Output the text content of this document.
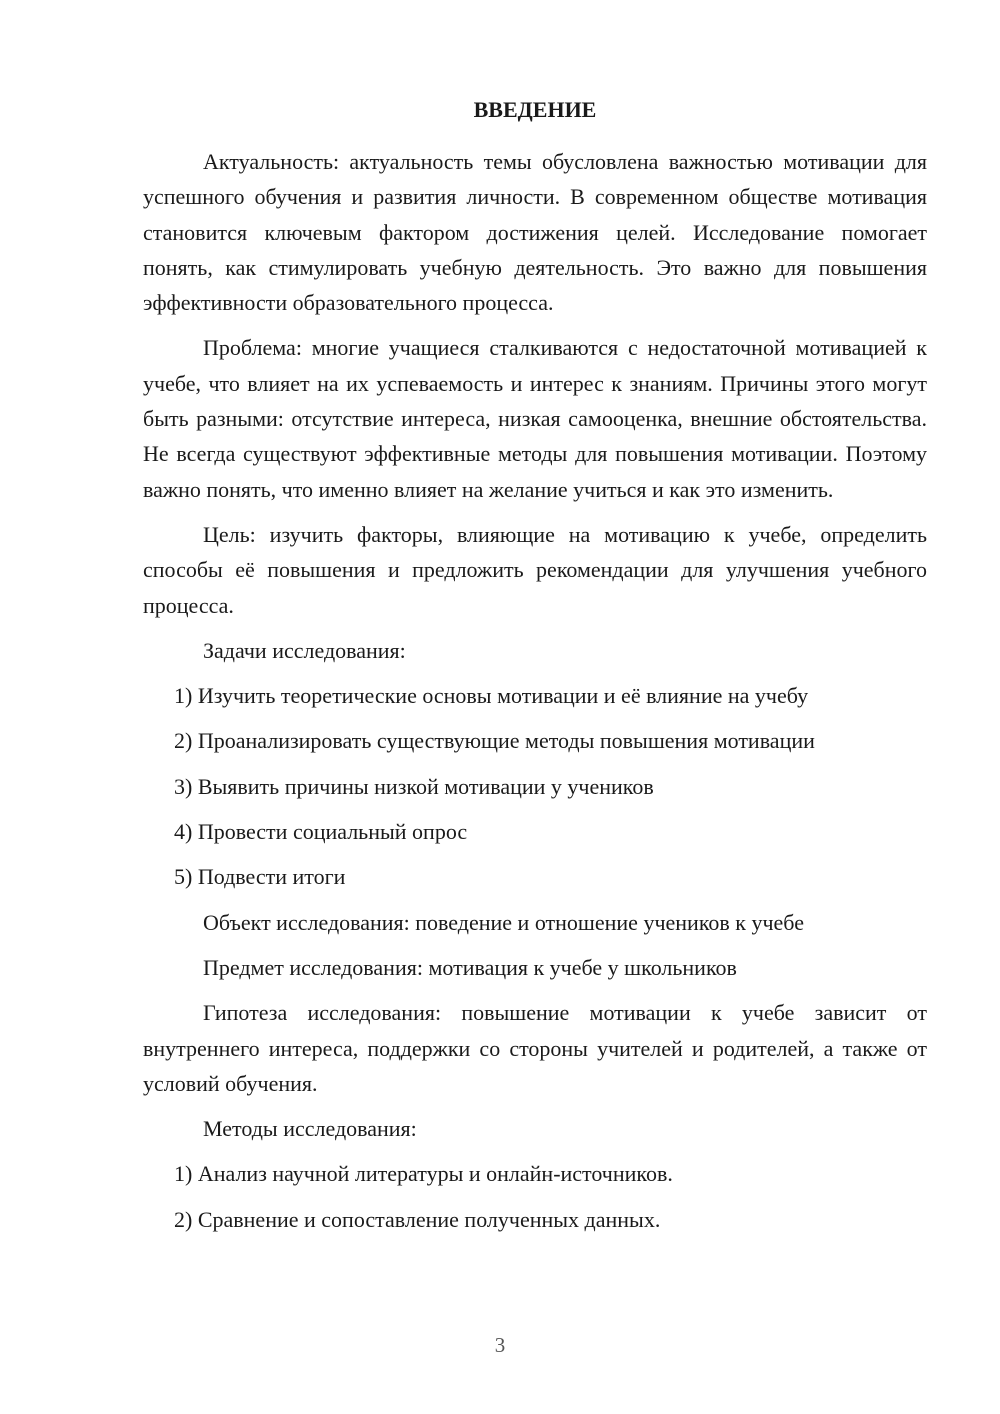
ВВЕДЕНИЕ

Актуальность: актуальность темы обусловлена важностью мотивации для успешного обучения и развития личности. В современном обществе мотивация становится ключевым фактором достижения целей. Исследование помогает понять, как стимулировать учебную деятельность. Это важно для повышения эффективности образовательного процесса.

Проблема: многие учащиеся сталкиваются с недостаточной мотивацией к учебе, что влияет на их успеваемость и интерес к знаниям. Причины этого могут быть разными: отсутствие интереса, низкая самооценка, внешние обстоятельства. Не всегда существуют эффективные методы для повышения мотивации. Поэтому важно понять, что именно влияет на желание учиться и как это изменить.

Цель: изучить факторы, влияющие на мотивацию к учебе, определить способы её повышения и предложить рекомендации для улучшения учебного процесса.

Задачи исследования:

1) Изучить теоретические основы мотивации и её влияние на учебу

2) Проанализировать существующие методы повышения мотивации

3) Выявить причины низкой мотивации у учеников

4) Провести социальный опрос

5) Подвести итоги

Объект исследования: поведение и отношение учеников к учебе

Предмет исследования: мотивация к учебе у школьников

Гипотеза исследования: повышение мотивации к учебе зависит от внутреннего интереса, поддержки со стороны учителей и родителей, а также от условий обучения.

Методы исследования:

1) Анализ научной литературы и онлайн-источников.

2) Сравнение и сопоставление полученных данных.

3
